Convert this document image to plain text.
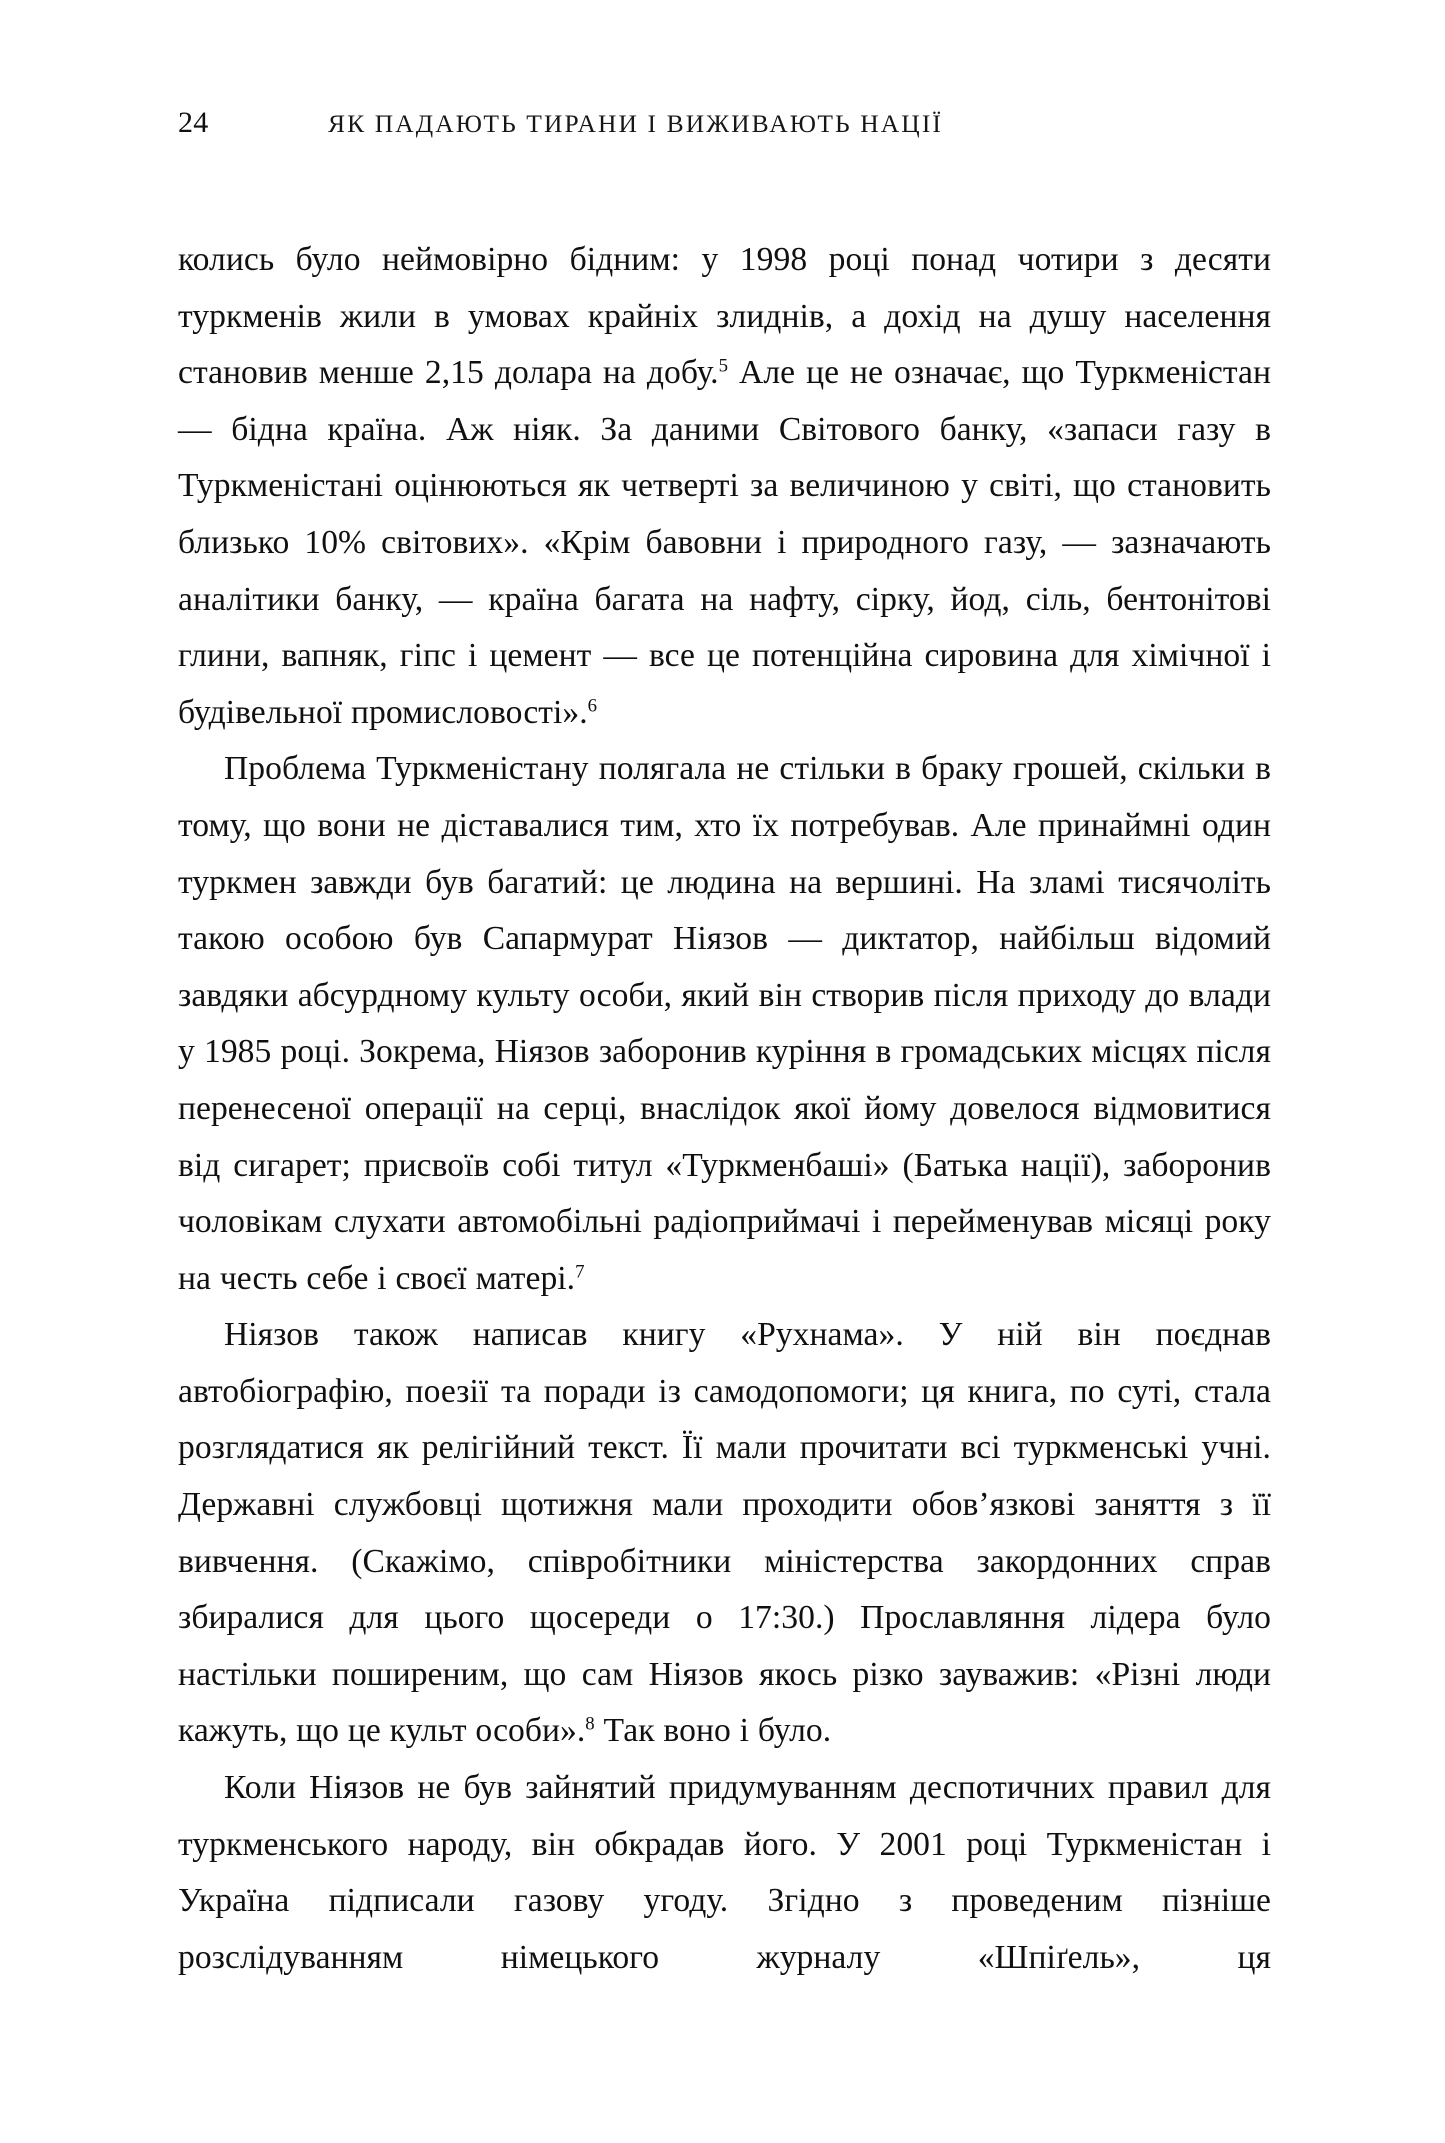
24	ЯК ПАДАЮТЬ ТИРАНИ І ВИЖИВАЮТЬ НАЦІЇ

колись було неймовірно бідним: у 1998 році понад чотири з десяти туркменів жили в умовах крайніх злиднів, а дохід на душу населення становив менше 2,15 долара на добу.$^5$ Але це не означає, що Туркменістан — бідна країна. Аж ніяк. За даними Світового банку, «запаси газу в Туркменістані оцінюються як четверті за величиною у світі, що становить близько 10% світових». «Крім бавовни і природного газу, — зазначають аналітики банку, — країна багата на нафту, сірку, йод, сіль, бентонітові глини, вапняк, гіпс і цемент — все це потенційна сировина для хімічної і будівельної промисловості».$^6$

Проблема Туркменістану полягала не стільки в браку грошей, скільки в тому, що вони не діставалися тим, хто їх потребував. Але принаймні один туркмен завжди був багатий: це людина на вершині. На зламі тисячоліть такою особою був Сапармурат Ніязов — диктатор, найбільш відомий завдяки абсурдному культу особи, який він створив після приходу до влади у 1985 році. Зокрема, Ніязов заборонив куріння в громадських місцях після перенесеної операції на серці, внаслідок якої йому довелося відмовитися від сигарет; присвоїв собі титул «Туркменбаші» (Батька нації), заборонив чоловікам слухати автомобільні радіоприймачі і перейменував місяці року на честь себе і своєї матері.$^7$

Ніязов також написав книгу «Рухнама». У ній він поєднав автобіографію, поезії та поради із самодопомоги; ця книга, по суті, стала розглядатися як релігійний текст. Її мали прочитати всі туркменські учні. Державні службовці щотижня мали проходити обов’язкові заняття з її вивчення. (Скажімо, співробітники міністерства закордонних справ збиралися для цього щосереди о 17:30.) Прославляння лідера було настільки поширеним, що сам Ніязов якось різко зауважив: «Різні люди кажуть, що це культ особи».$^8$ Так воно і було.

Коли Ніязов не був зайнятий придумуванням деспотичних правил для туркменського народу, він обкрадав його. У 2001 році Туркменістан і Україна підписали газову угоду. Згідно з проведеним пізніше розслідуванням німецького журналу «Шпіґель», ця
